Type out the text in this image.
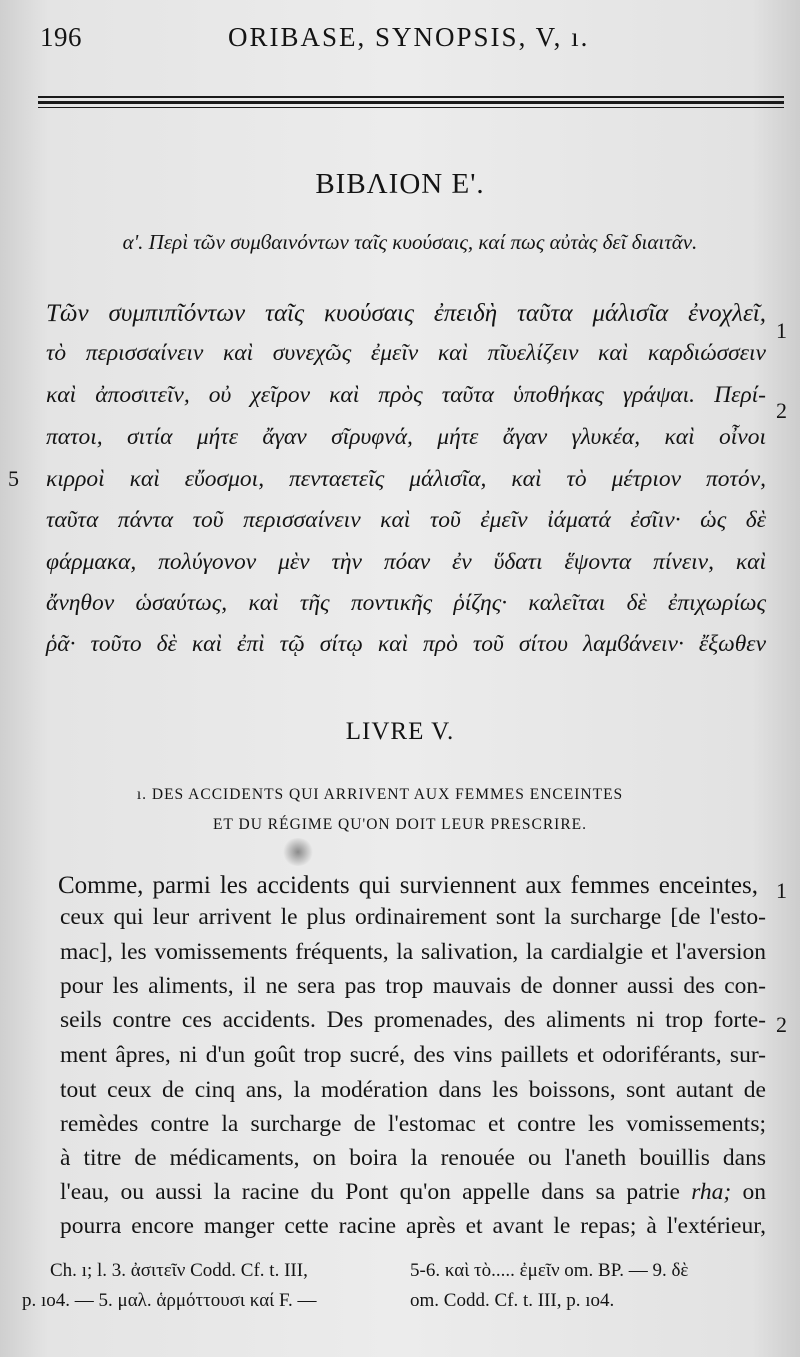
196	ORIBASE, SYNOPSIS, V, ı.
BIBΛΙΟΝ Ε'.
α'. Περὶ τῶν συμϐαινόντων ταῖς κυούσαις, καί πως αὐτὰς δεῖ διαιτᾶν.
Τῶν συμπιπῖόντων ταῖς κυούσαις ἐπειδὴ ταῦτα μάλισῖα ἐνοχλεῖ,
τὸ περισσαίνειν καὶ συνεχῶς ἐμεῖν καὶ πῖυελίζειν καὶ καρδιώσσειν
καὶ ἀποσιτεῖν, οὐ χεῖρον καὶ πρὸς ταῦτα ὑποθήκας γράψαι. Περί-
πατοι, σιτία μήτε ἄγαν σῖρυφνά, μήτε ἄγαν γλυκέα, καὶ οἶνοι
κιρροὶ καὶ εὔοσμοι, πενταετεῖς μάλισῖα, καὶ τὸ μέτριον ποτόν,
ταῦτα πάντα τοῦ περισσαίνειν καὶ τοῦ ἐμεῖν ἰάματά ἐσῖιν· ὡς δὲ
φάρμακα, πολύγονον μὲν τὴν πόαν ἐν ὕδατι ἕψοντα πίνειν, καὶ
ἄνηθον ὡσαύτως, καὶ τῆς ποντικῆς ῥίζης· καλεῖται δὲ ἐπιχωρίως
ῥᾶ· τοῦτο δὲ καὶ ἐπὶ τῷ σίτῳ καὶ πρὸ τοῦ σίτου λαμϐάνειν· ἔξωθεν
1
2
5
LIVRE V.
ı. DES ACCIDENTS QUI ARRIVENT AUX FEMMES ENCEINTES
ET DU RÉGIME QU'ON DOIT LEUR PRESCRIRE.
Comme, parmi les accidents qui surviennent aux femmes enceintes,
ceux qui leur arrivent le plus ordinairement sont la surcharge [de l'esto-
mac], les vomissements fréquents, la salivation, la cardialgie et l'aversion
pour les aliments, il ne sera pas trop mauvais de donner aussi des con-
seils contre ces accidents. Des promenades, des aliments ni trop forte-
ment âpres, ni d'un goût trop sucré, des vins paillets et odoriférants, sur-
tout ceux de cinq ans, la modération dans les boissons, sont autant de
remèdes contre la surcharge de l'estomac et contre les vomissements;
à titre de médicaments, on boira la renouée ou l'aneth bouillis dans
l'eau, ou aussi la racine du Pont qu'on appelle dans sa patrie rha; on
pourra encore manger cette racine après et avant le repas; à l'extérieur,
1
2
Ch. ı; l. 3. ἀσιτεῖν Codd. Cf. t. III,
p. ıo4. — 5. μαλ. ἁρμόττουσι καί F. —
5-6. καὶ τὸ..... ἐμεῖν om. BP. — 9. δὲ
om. Codd. Cf. t. III, p. ıo4.
